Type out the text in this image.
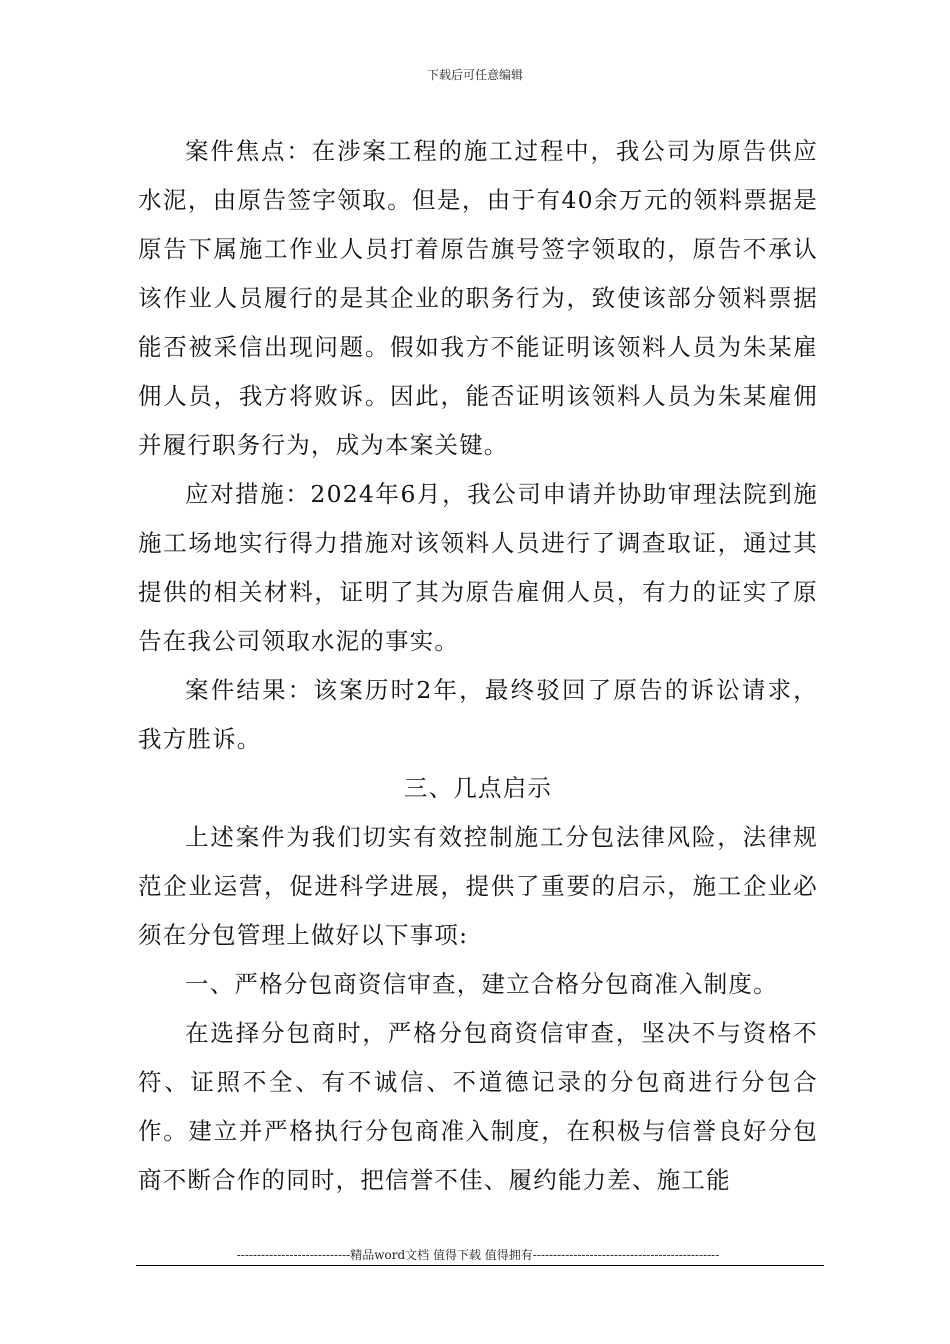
下载后可任意编辑

案件焦点：在涉案工程的施工过程中，我公司为原告供应水泥，由原告签字领取。但是，由于有40余万元的领料票据是原告下属施工作业人员打着原告旗号签字领取的，原告不承认该作业人员履行的是其企业的职务行为，致使该部分领料票据能否被采信出现问题。假如我方不能证明该领料人员为朱某雇佣人员，我方将败诉。因此，能否证明该领料人员为朱某雇佣并履行职务行为，成为本案关键。

应对措施：2024年6月，我公司申请并协助审理法院到施施工场地实行得力措施对该领料人员进行了调查取证，通过其提供的相关材料，证明了其为原告雇佣人员，有力的证实了原告在我公司领取水泥的事实。

案件结果：该案历时2年，最终驳回了原告的诉讼请求，我方胜诉。

三、几点启示

上述案件为我们切实有效控制施工分包法律风险，法律规范企业运营，促进科学进展，提供了重要的启示，施工企业必须在分包管理上做好以下事项:

一、严格分包商资信审查，建立合格分包商准入制度。

在选择分包商时，严格分包商资信审查，坚决不与资格不符、证照不全、有不诚信、不道德记录的分包商进行分包合作。建立并严格执行分包商准入制度，在积极与信誉良好分包商不断合作的同时，把信誉不佳、履约能力差、施工能

----------------------------精品word文档 值得下载 值得拥有----------------------------------------------
